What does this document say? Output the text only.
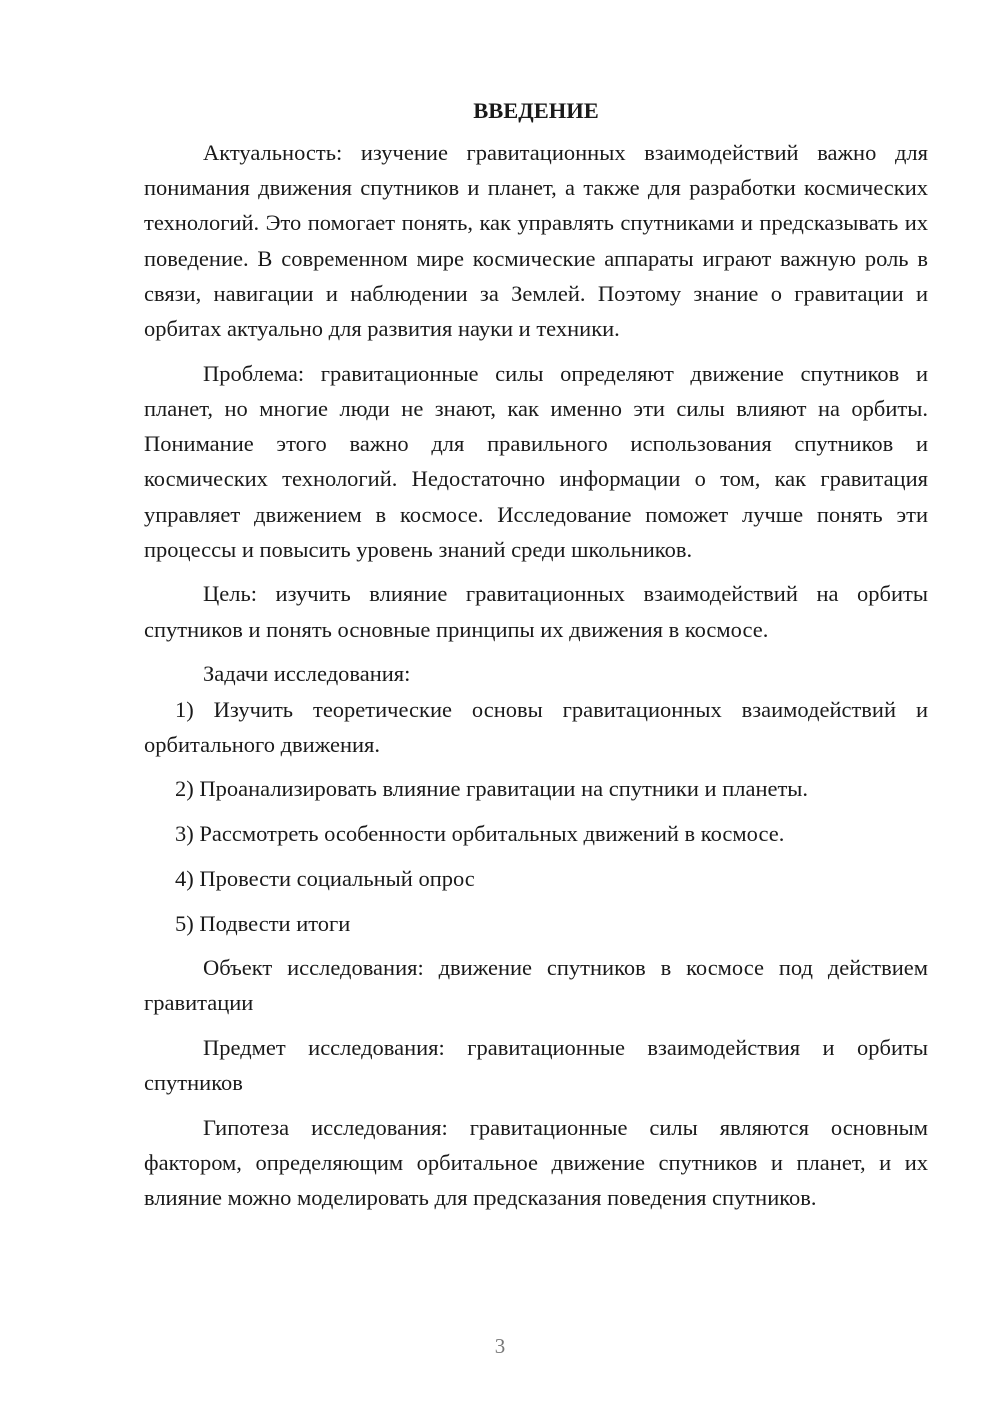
ВВЕДЕНИЕ

Актуальность: изучение гравитационных взаимодействий важно для понимания движения спутников и планет, а также для разработки космических технологий. Это помогает понять, как управлять спутниками и предсказывать их поведение. В современном мире космические аппараты играют важную роль в связи, навигации и наблюдении за Землей. Поэтому знание о гравитации и орбитах актуально для развития науки и техники.

Проблема: гравитационные силы определяют движение спутников и планет, но многие люди не знают, как именно эти силы влияют на орбиты. Понимание этого важно для правильного использования спутников и космических технологий. Недостаточно информации о том, как гравитация управляет движением в космосе. Исследование поможет лучше понять эти процессы и повысить уровень знаний среди школьников.

Цель: изучить влияние гравитационных взаимодействий на орбиты спутников и понять основные принципы их движения в космосе.

Задачи исследования:

1) Изучить теоретические основы гравитационных взаимодействий и орбитального движения.

2) Проанализировать влияние гравитации на спутники и планеты.

3) Рассмотреть особенности орбитальных движений в космосе.

4) Провести социальный опрос

5) Подвести итоги

Объект исследования: движение спутников в космосе под действием гравитации

Предмет исследования: гравитационные взаимодействия и орбиты спутников

Гипотеза исследования: гравитационные силы являются основным фактором, определяющим орбитальное движение спутников и планет, и их влияние можно моделировать для предсказания поведения спутников.

3
